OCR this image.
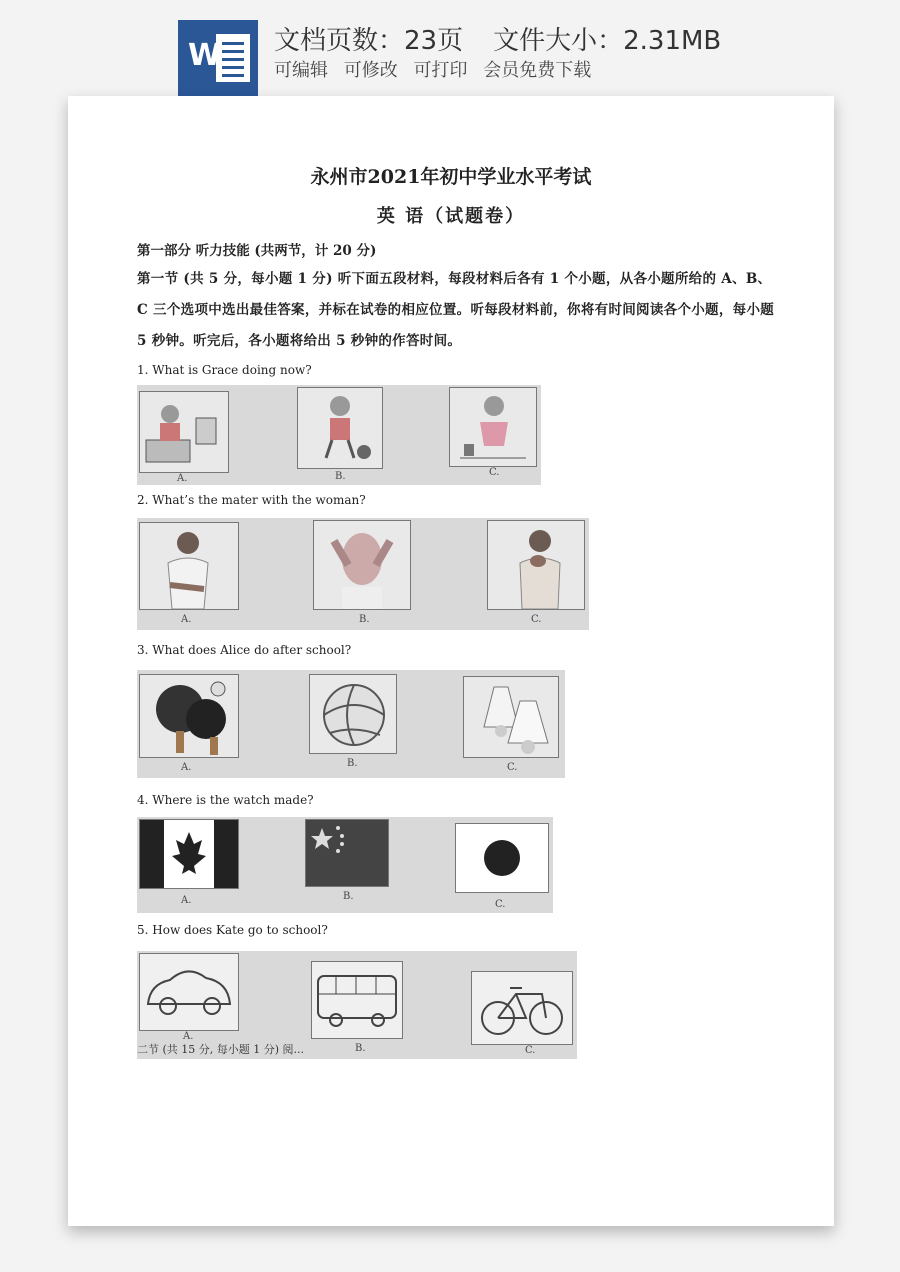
W 文档页数：23页 文件大小：2.31MB
可编辑 可修改 可打印 会员免费下载
永州市2021年初中学业水平考试
英 语（试题卷）
第一部分 听力技能 (共两节，计 20 分)
第一节 (共 5 分，每小题 1 分) 听下面五段材料，每段材料后各有 1 个小题，从各小题所给的 A、B、C 三个选项中选出最佳答案，并标在试卷的相应位置。听每段材料前，你将有时间阅读各个小题，每小题 5 秒钟。听完后，各小题将给出 5 秒钟的作答时间。
1. What is Grace doing now?
A.	B.	C.
2. What’s the mater with the woman?
A.	B.	C.
3. What does Alice do after school?
A.	B.	C.
4. Where is the watch made?
A.	B.
C.
5. How does Kate go to school?
A.
B.	C.
二节 (共 15 分, 每小题 1 分) 阅...
